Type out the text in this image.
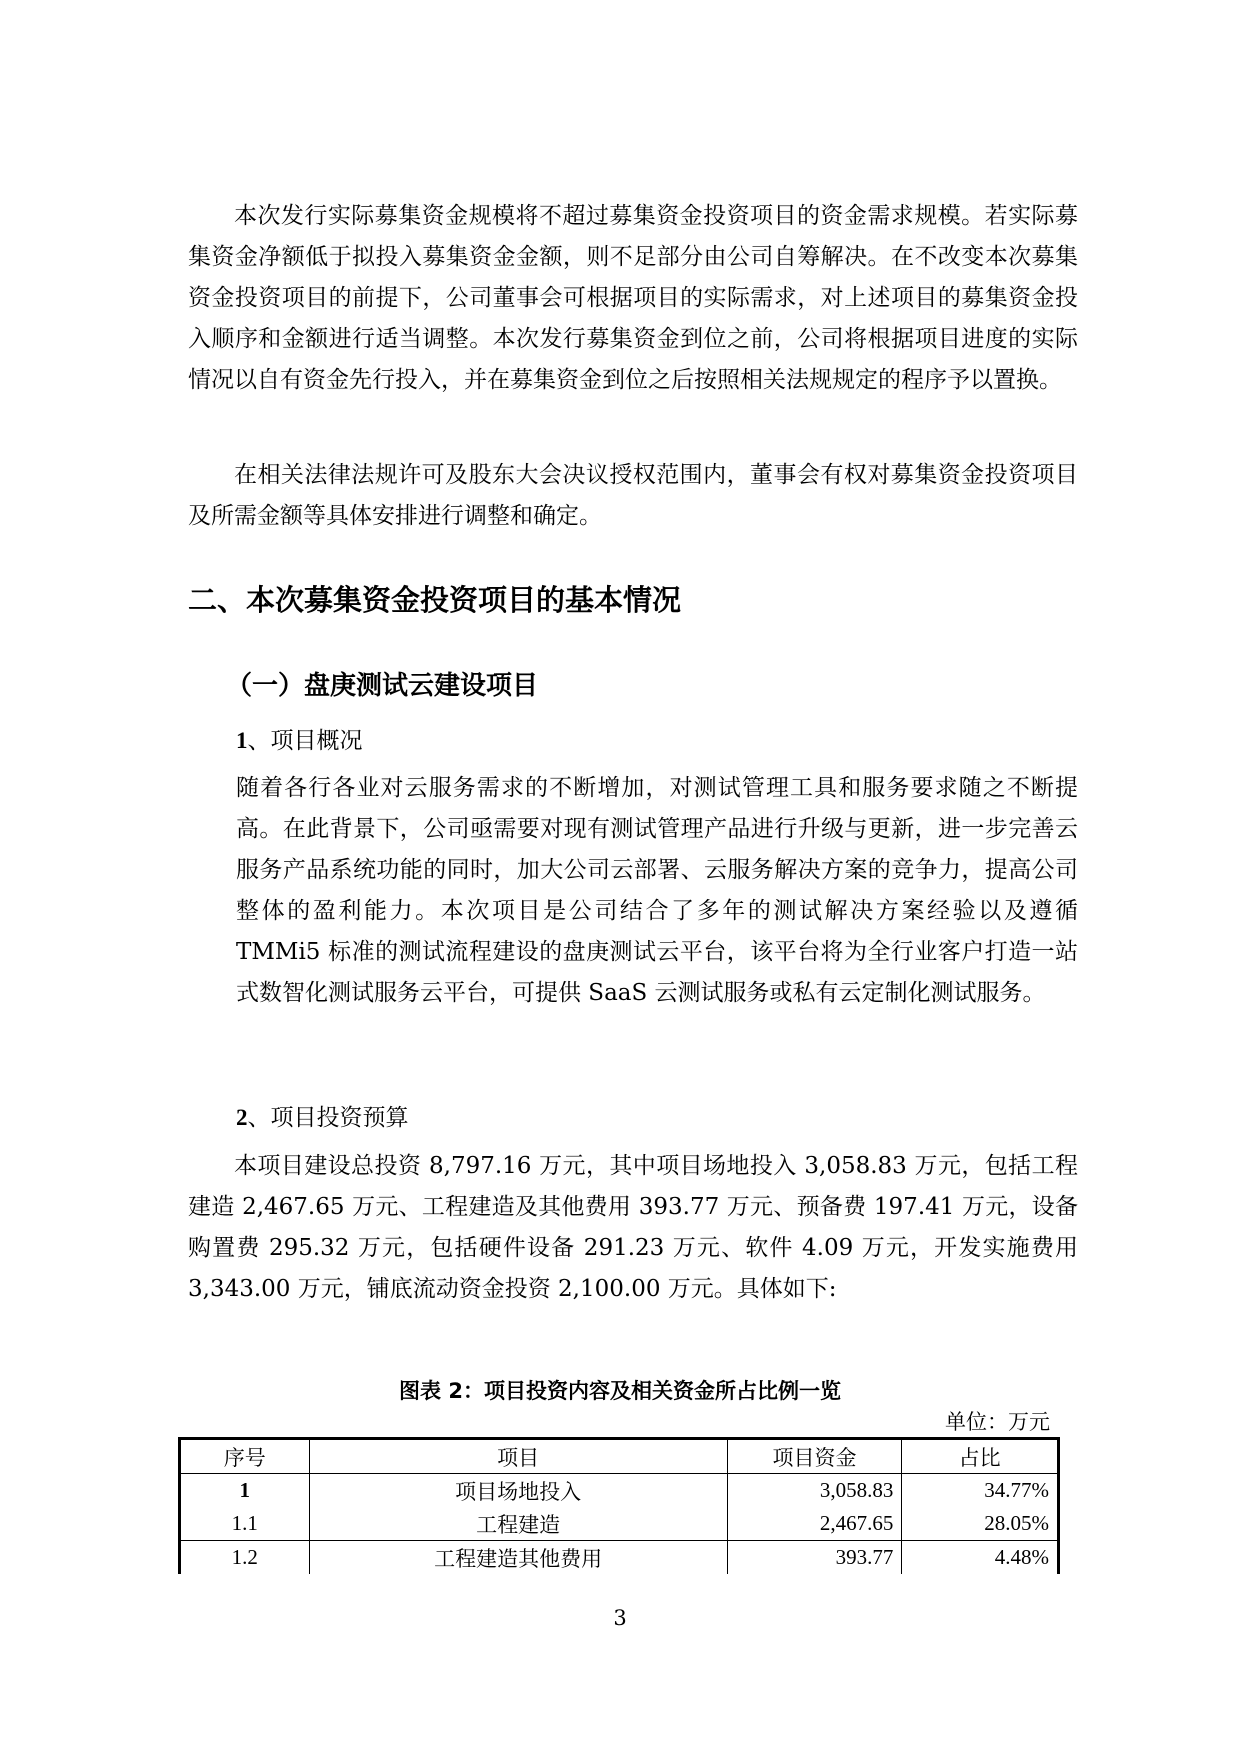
本次发行实际募集资金规模将不超过募集资金投资项目的资金需求规模。若实际募集资金净额低于拟投入募集资金金额，则不足部分由公司自筹解决。在不改变本次募集资金投资项目的前提下，公司董事会可根据项目的实际需求，对上述项目的募集资金投入顺序和金额进行适当调整。本次发行募集资金到位之前，公司将根据项目进度的实际情况以自有资金先行投入，并在募集资金到位之后按照相关法规规定的程序予以置换。

在相关法律法规许可及股东大会决议授权范围内，董事会有权对募集资金投资项目及所需金额等具体安排进行调整和确定。

二、本次募集资金投资项目的基本情况
（一）盘庚测试云建设项目

1、项目概况

随着各行各业对云服务需求的不断增加，对测试管理工具和服务要求随之不断提高。在此背景下，公司亟需要对现有测试管理产品进行升级与更新，进一步完善云服务产品系统功能的同时，加大公司云部署、云服务解决方案的竞争力，提高公司整体的盈利能力。本次项目是公司结合了多年的测试解决方案经验以及遵循 TMMi5 标准的测试流程建设的盘庚测试云平台，该平台将为全行业客户打造一站式数智化测试服务云平台，可提供 SaaS 云测试服务或私有云定制化测试服务。

2、项目投资预算

本项目建设总投资 8,797.16 万元，其中项目场地投入 3,058.83 万元，包括工程建造 2,467.65 万元、工程建造及其他费用 393.77 万元、预备费 197.41 万元，设备购置费 295.32 万元，包括硬件设备 291.23 万元、软件 4.09 万元，开发实施费用 3,343.00 万元，铺底流动资金投资 2,100.00 万元。具体如下:

图表 2：项目投资内容及相关资金所占比例一览
单位：万元
序号	项目	项目资金	占比
1	项目场地投入	3,058.83	34.77%
1.1	工程建造	2,467.65	28.05%
1.2	工程建造其他费用	393.77	4.48%
3
